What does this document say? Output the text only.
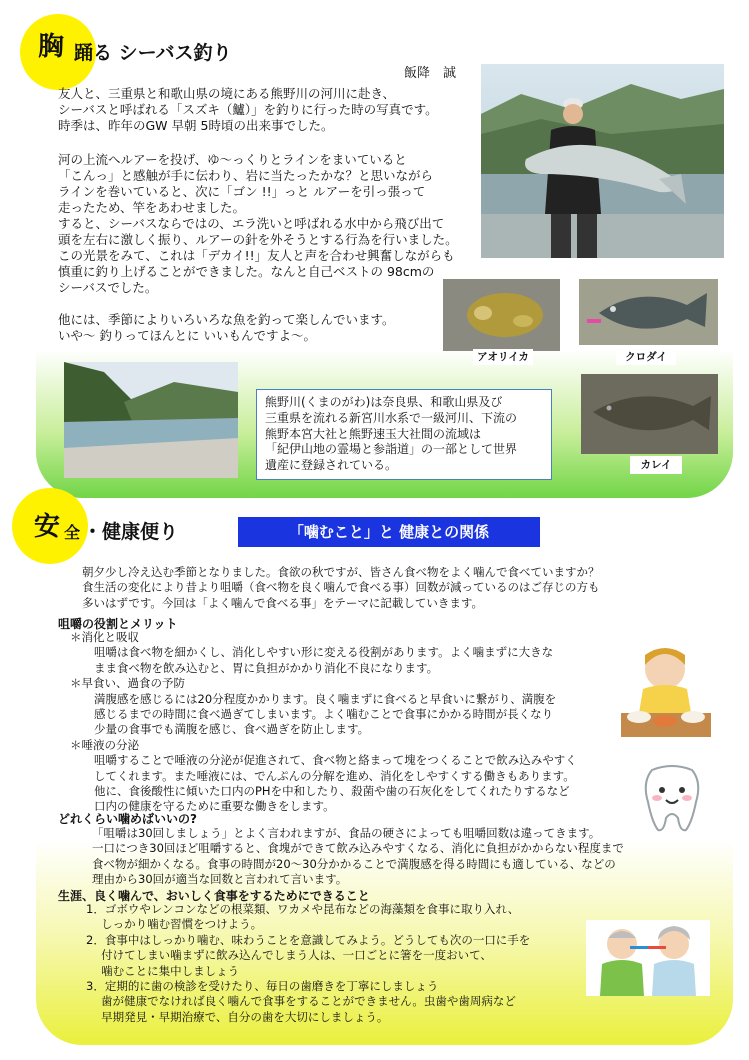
胸 踊る シーバス釣り
飯降　誠
友人と、三重県と和歌山県の境にある熊野川の河川に赴き、
シーバスと呼ばれる「スズキ（鱸）」を釣りに行った時の写真です。
時季は、昨年のGW 早朝 5時頃の出来事でした。
河の上流へルアーを投げ、ゆ～っくりとラインをまいていると
「こんっ」と感触が手に伝わり、岩に当たったかな？と思いながら
ラインを巻いていると、次に「ゴン !!」っと ルアーを引っ張って
走ったため、竿をあわせました。
すると、シーバスならではの、エラ洗いと呼ばれる水中から飛び出て
頭を左右に激しく振り、ルアーの針を外そうとする行為を行いました。
この光景をみて、これは「デカイ!!」友人と声を合わせ興奮しながらも
慎重に釣り上げることができました。なんと自己ベストの 98cmの
シーバスでした。
他には、季節によりいろいろな魚を釣って楽しんでいます。
いや～ 釣りってほんとに いいもんですよ～。
アオリイカ	クロダイ
カレイ
熊野川(くまのがわ)は奈良県、和歌山県及び
三重県を流れる新宮川水系で一級河川、下流の
熊野本宮大社と熊野速玉大社間の流域は
「紀伊山地の霊場と参詣道」の一部として世界
遺産に登録されている。
安 全 ・健康便り	「噛むこと」と 健康との関係
朝夕少し冷え込む季節となりました。食欲の秋ですが、皆さん食べ物をよく噛んで食べていますか？
食生活の変化により昔より咀嚼（食べ物を良く噛んで食べる事）回数が減っているのはご存じの方も
多いはずです。今回は「よく噛んで食べる事」をテーマに記載していきます。
咀嚼の役割とメリット
＊消化と吸収
咀嚼は食べ物を細かくし、消化しやすい形に変える役割があります。よく噛まずに大きな
まま食べ物を飲み込むと、胃に負担がかかり消化不良になります。
＊早食い、過食の予防
満腹感を感じるには20分程度かかります。良く噛まずに食べると早食いに繋がり、満腹を
感じるまでの時間に食べ過ぎてしまいます。よく噛むことで食事にかかる時間が長くなり
少量の食事でも満腹を感じ、食べ過ぎを防止します。
＊唾液の分泌
咀嚼することで唾液の分泌が促進されて、食べ物と絡まって塊をつくることで飲み込みやすく
してくれます。また唾液には、でんぷんの分解を進め、消化をしやすくする働きもあります。
他に、食後酸性に傾いた口内のPHを中和したり、殺菌や歯の石灰化をしてくれたりするなど
口内の健康を守るために重要な働きをします。
どれくらい噛めばいいの?
「咀嚼は30回しましょう」とよく言われますが、食品の硬さによっても咀嚼回数は違ってきます。
一口につき30回ほど咀嚼すると、食塊ができて飲み込みやすくなる、消化に負担がかからない程度まで
食べ物が細かくなる。食事の時間が20～30分かかることで満腹感を得る時間にも適している、などの
理由から30回が適当な回数と言われて言います。
生涯、良く噛んで、おいしく食事をするためにできること
1．ゴボウやレンコンなどの根菜類、ワカメや昆布などの海藻類を食事に取り入れ、
　 しっかり噛む習慣をつけよう。
2．食事中はしっかり噛む、味わうことを意識してみよう。どうしても次の一口に手を
　 付けてしまい噛まずに飲み込んでしまう人は、一口ごとに箸を一度おいて、
　 噛むことに集中しましょう
3．定期的に歯の検診を受けたり、毎日の歯磨きを丁寧にしましょう
　 歯が健康でなければ良く噛んで食事をすることができません。虫歯や歯周病など
　 早期発見・早期治療で、自分の歯を大切にしましょう。
